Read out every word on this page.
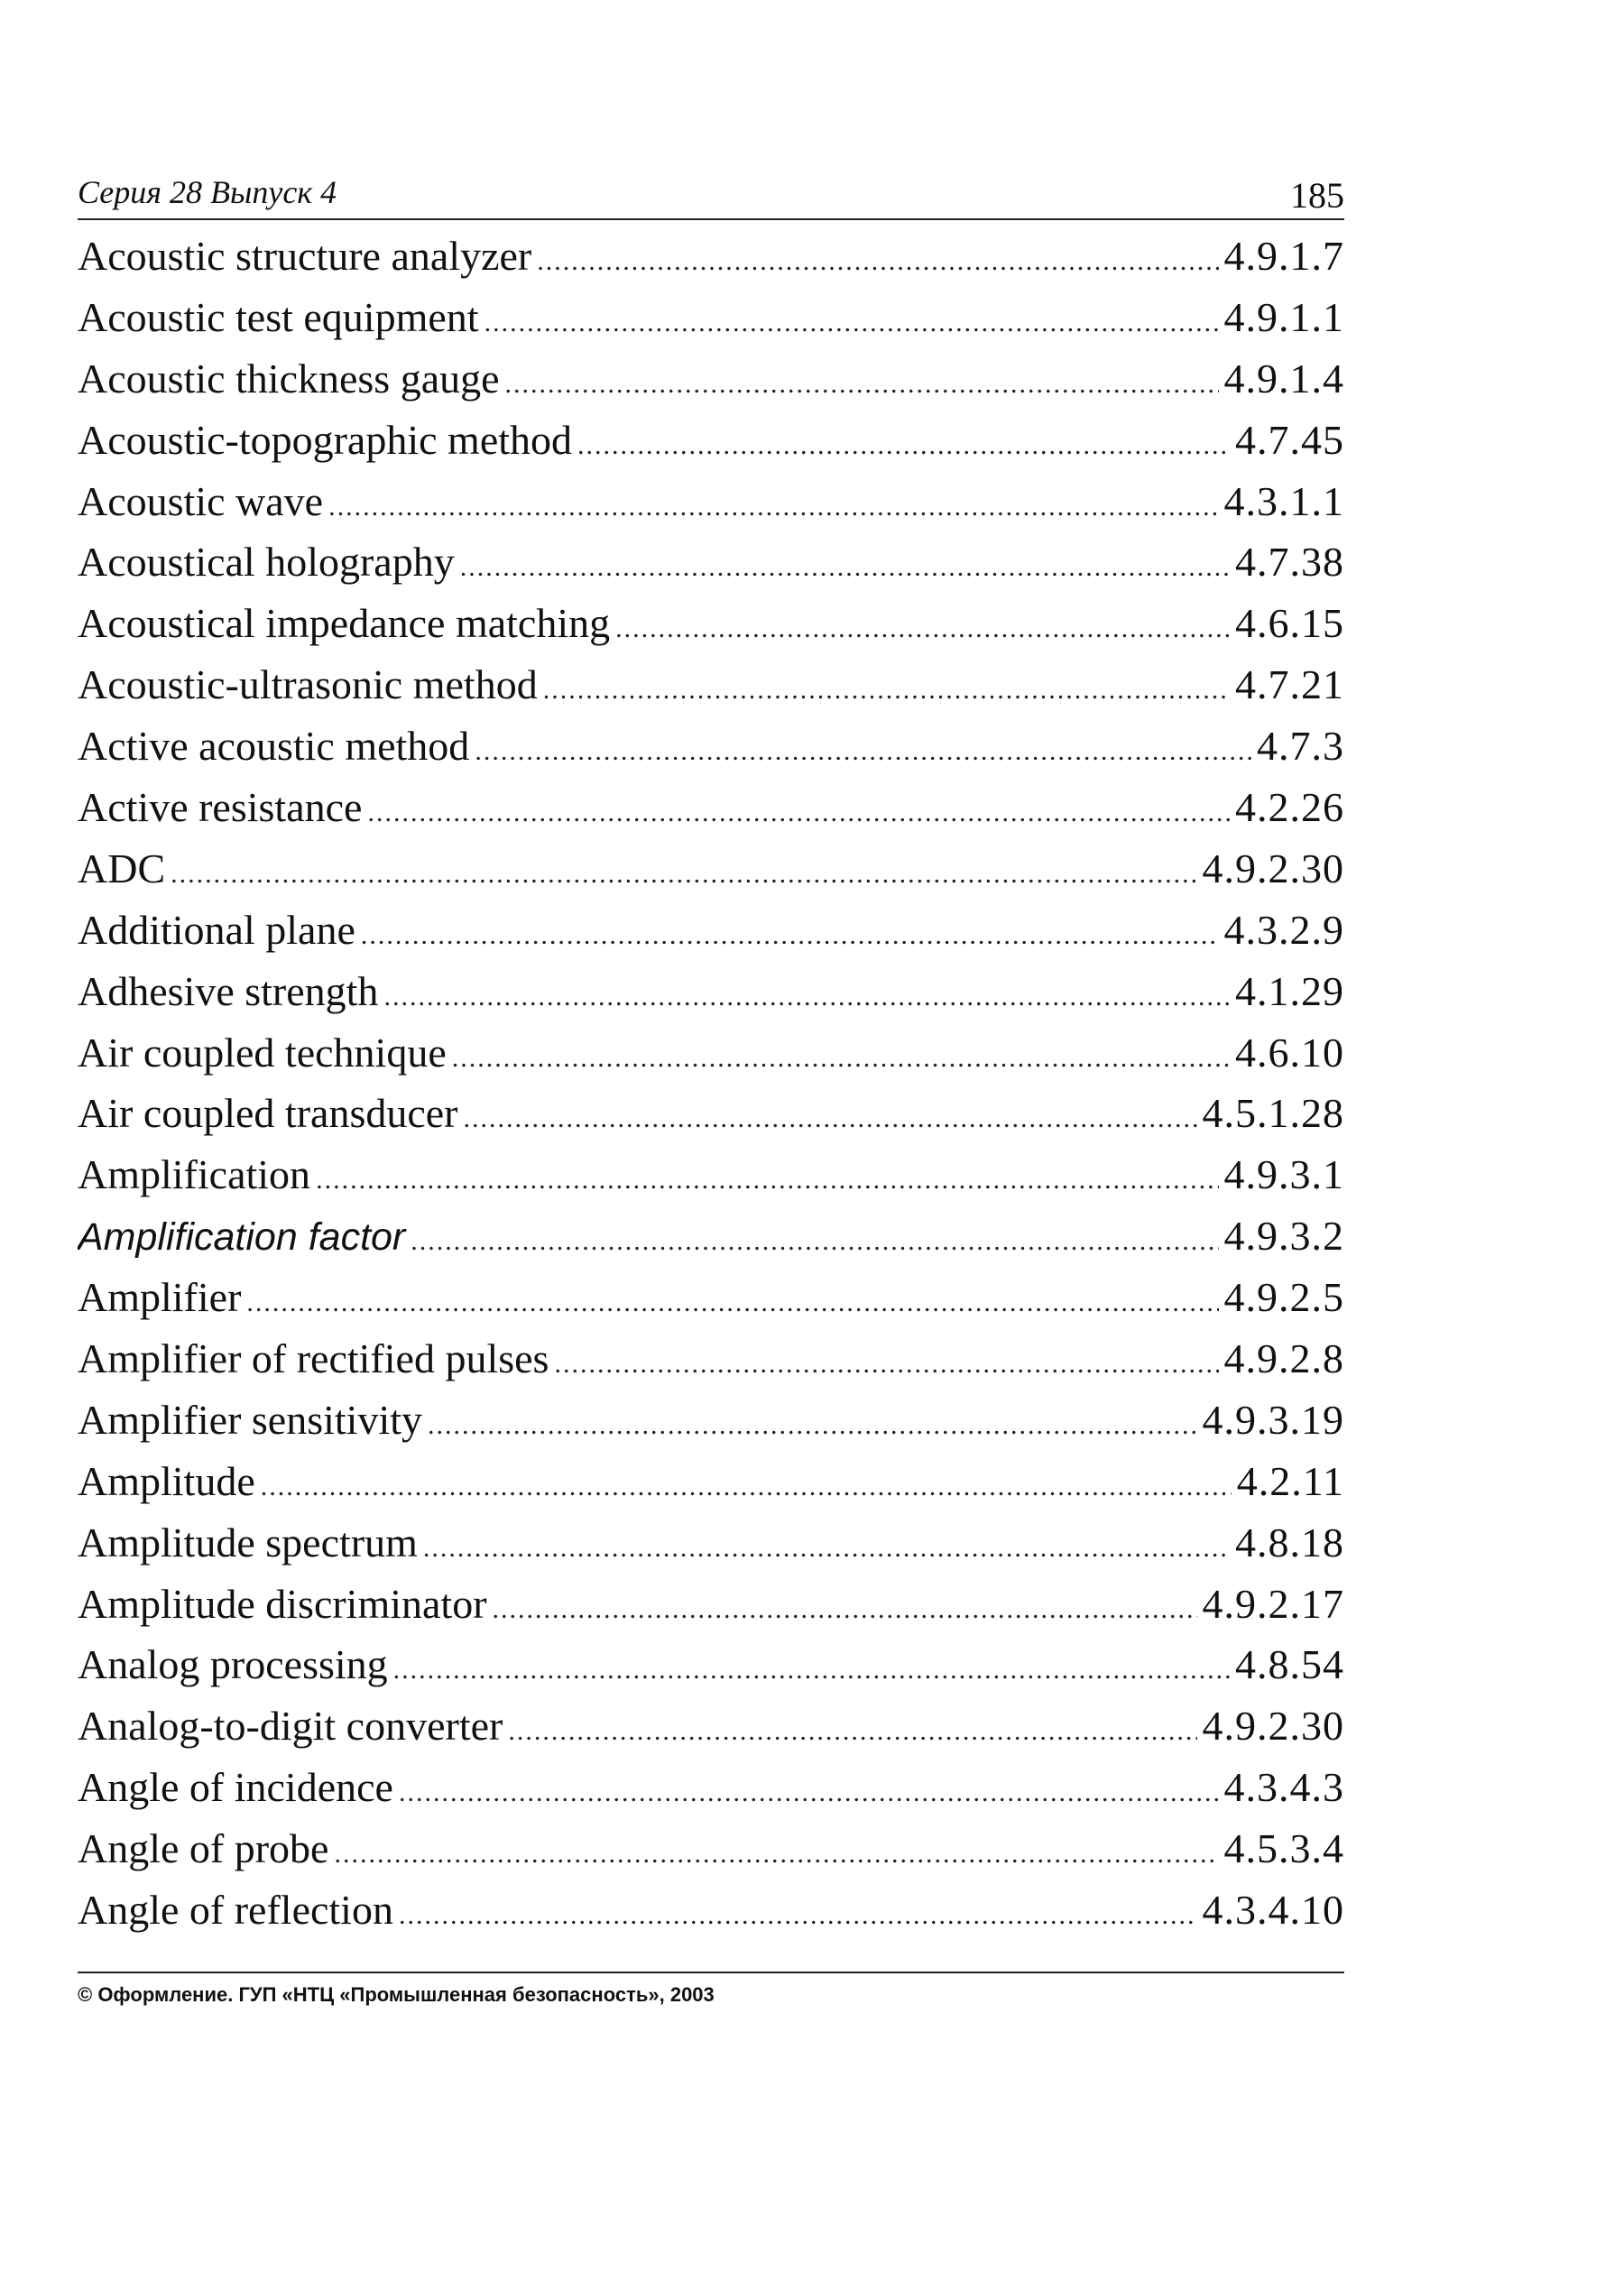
Серия 28 Выпуск 4	185
Acoustic structure analyzer .....	4.9.1.7
Acoustic test equipment .....	4.9.1.1
Acoustic thickness gauge .....	4.9.1.4
Acoustic-topographic method .....	4.7.45
Acoustic wave .....	4.3.1.1
Acoustical holography .....	4.7.38
Acoustical impedance matching .....	4.6.15
Acoustic-ultrasonic method .....	4.7.21
Active acoustic method .....	4.7.3
Active resistance .....	4.2.26
ADC .....	4.9.2.30
Additional plane .....	4.3.2.9
Adhesive strength .....	4.1.29
Air coupled technique .....	4.6.10
Air coupled transducer .....	4.5.1.28
Amplification .....	4.9.3.1
Amplification factor .....	4.9.3.2
Amplifier .....	4.9.2.5
Amplifier of rectified pulses .....	4.9.2.8
Amplifier sensitivity .....	4.9.3.19
Amplitude .....	4.2.11
Amplitude spectrum .....	4.8.18
Amplitude discriminator .....	4.9.2.17
Analog processing .....	4.8.54
Analog-to-digit converter .....	4.9.2.30
Angle of incidence .....	4.3.4.3
Angle of probe .....	4.5.3.4
Angle of reflection .....	4.3.4.10
© Оформление. ГУП «НТЦ «Промышленная безопасность», 2003
